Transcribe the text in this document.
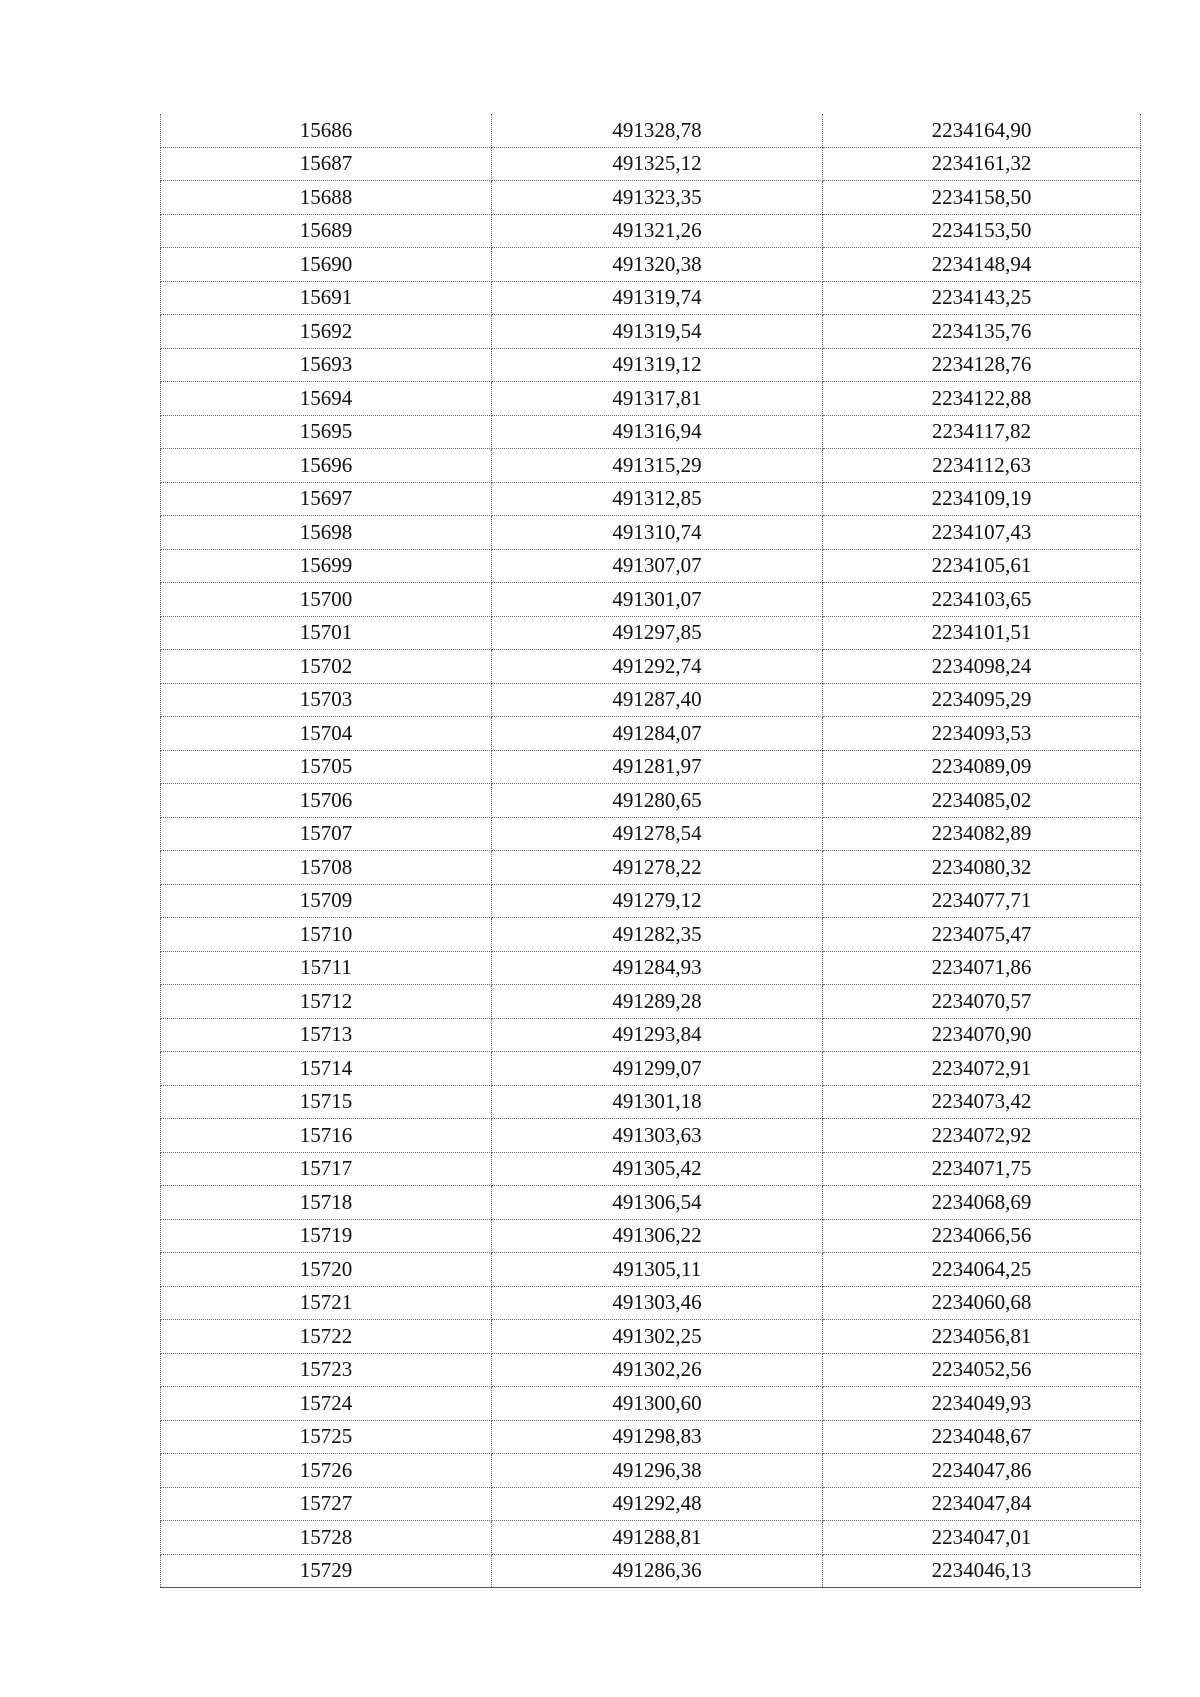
15686	491328,78	2234164,90
15687	491325,12	2234161,32
15688	491323,35	2234158,50
15689	491321,26	2234153,50
15690	491320,38	2234148,94
15691	491319,74	2234143,25
15692	491319,54	2234135,76
15693	491319,12	2234128,76
15694	491317,81	2234122,88
15695	491316,94	2234117,82
15696	491315,29	2234112,63
15697	491312,85	2234109,19
15698	491310,74	2234107,43
15699	491307,07	2234105,61
15700	491301,07	2234103,65
15701	491297,85	2234101,51
15702	491292,74	2234098,24
15703	491287,40	2234095,29
15704	491284,07	2234093,53
15705	491281,97	2234089,09
15706	491280,65	2234085,02
15707	491278,54	2234082,89
15708	491278,22	2234080,32
15709	491279,12	2234077,71
15710	491282,35	2234075,47
15711	491284,93	2234071,86
15712	491289,28	2234070,57
15713	491293,84	2234070,90
15714	491299,07	2234072,91
15715	491301,18	2234073,42
15716	491303,63	2234072,92
15717	491305,42	2234071,75
15718	491306,54	2234068,69
15719	491306,22	2234066,56
15720	491305,11	2234064,25
15721	491303,46	2234060,68
15722	491302,25	2234056,81
15723	491302,26	2234052,56
15724	491300,60	2234049,93
15725	491298,83	2234048,67
15726	491296,38	2234047,86
15727	491292,48	2234047,84
15728	491288,81	2234047,01
15729	491286,36	2234046,13
